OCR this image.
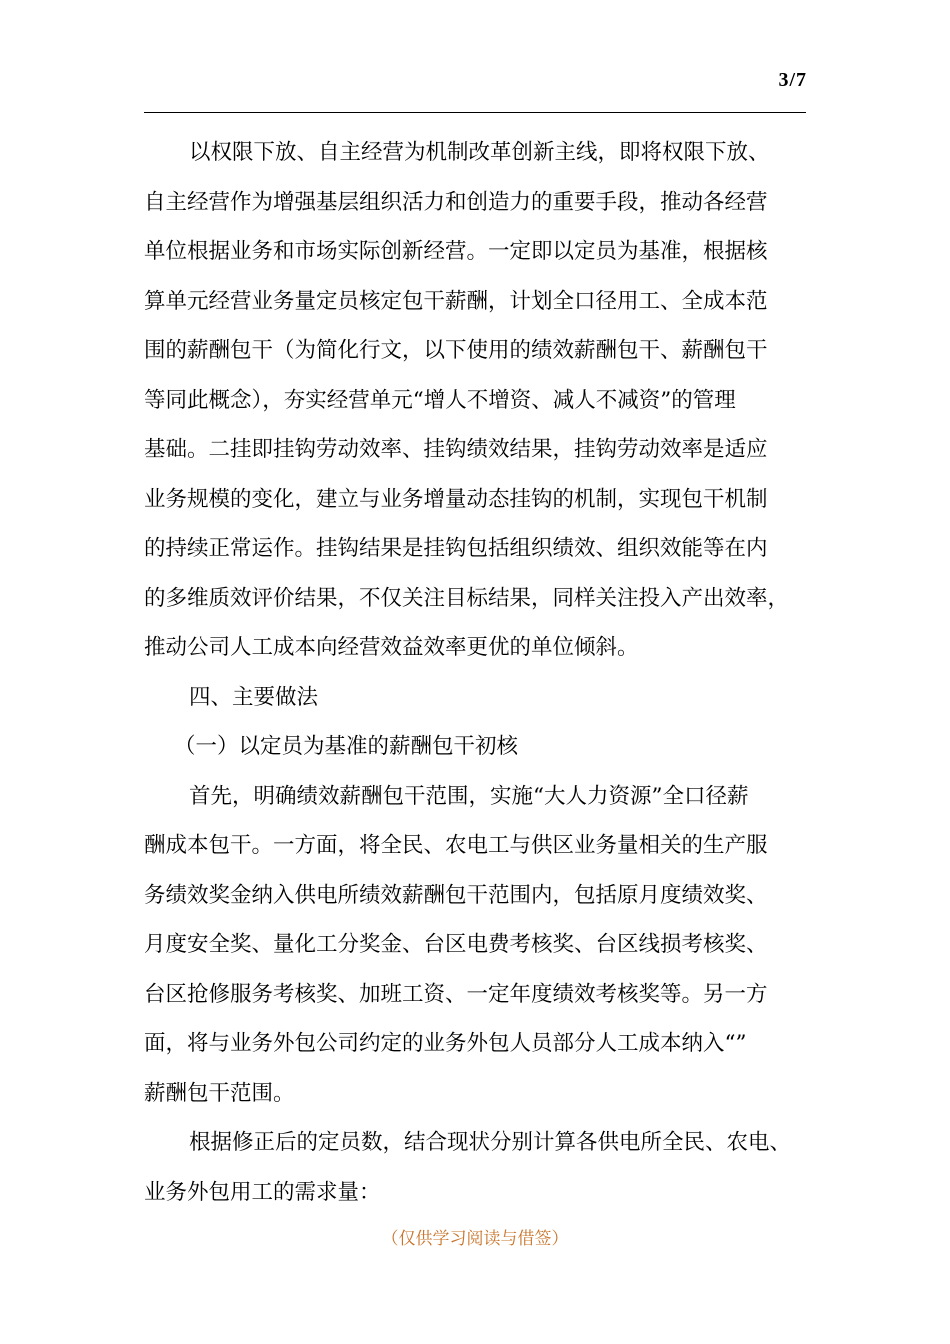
3/7
以权限下放、自主经营为机制改革创新主线，即将权限下放、
自主经营作为增强基层组织活力和创造力的重要手段，推动各经营
单位根据业务和市场实际创新经营。一定即以定员为基准，根据核
算单元经营业务量定员核定包干薪酬，计划全口径用工、全成本范
围的薪酬包干（为简化行文，以下使用的绩效薪酬包干、薪酬包干
等同此概念），夯实经营单元“增人不增资、减人不减资”的管理
基础。二挂即挂钩劳动效率、挂钩绩效结果，挂钩劳动效率是适应
业务规模的变化，建立与业务增量动态挂钩的机制，实现包干机制
的持续正常运作。挂钩结果是挂钩包括组织绩效、组织效能等在内
的多维质效评价结果，不仅关注目标结果，同样关注投入产出效率，
推动公司人工成本向经营效益效率更优的单位倾斜。
四、主要做法
（一）以定员为基准的薪酬包干初核
首先，明确绩效薪酬包干范围，实施“大人力资源”全口径薪
酬成本包干。一方面，将全民、农电工与供区业务量相关的生产服
务绩效奖金纳入供电所绩效薪酬包干范围内，包括原月度绩效奖、
月度安全奖、量化工分奖金、台区电费考核奖、台区线损考核奖、
台区抢修服务考核奖、加班工资、一定年度绩效考核奖等。另一方
面，将与业务外包公司约定的业务外包人员部分人工成本纳入“”
薪酬包干范围。
根据修正后的定员数，结合现状分别计算各供电所全民、农电、
业务外包用工的需求量：
（仅供学习阅读与借签）
